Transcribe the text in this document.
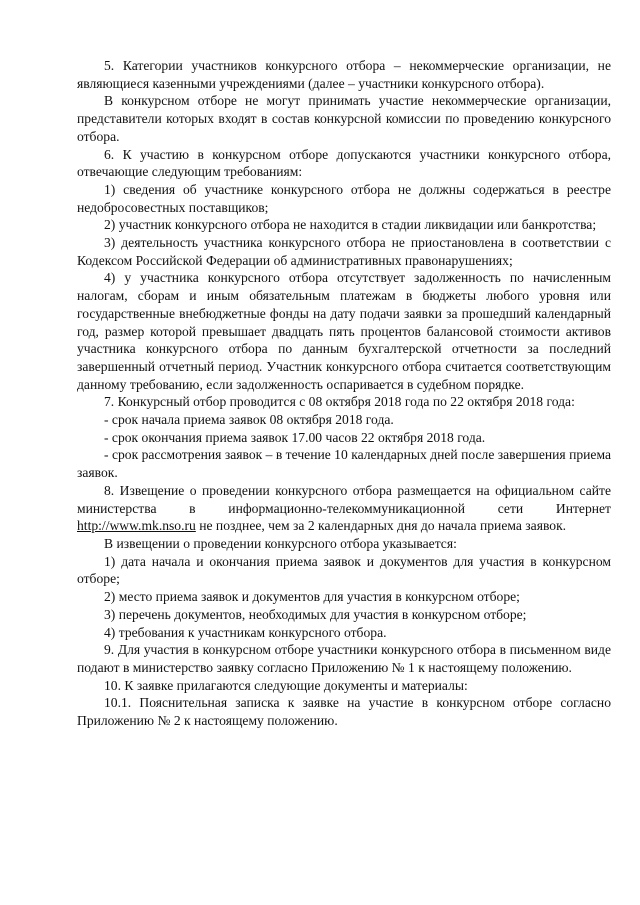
5. Категории участников конкурсного отбора – некоммерческие организации, не являющиеся казенными учреждениями (далее – участники конкурсного отбора).

В конкурсном отборе не могут принимать участие некоммерческие организации, представители которых входят в состав конкурсной комиссии по проведению конкурсного отбора.

6. К участию в конкурсном отборе допускаются участники конкурсного отбора, отвечающие следующим требованиям:

1) сведения об участнике конкурсного отбора не должны содержаться в реестре недобросовестных поставщиков;

2) участник конкурсного отбора не находится в стадии ликвидации или банкротства;

3) деятельность участника конкурсного отбора не приостановлена в соответствии с Кодексом Российской Федерации об административных правонарушениях;

4) у участника конкурсного отбора отсутствует задолженность по начисленным налогам, сборам и иным обязательным платежам в бюджеты любого уровня или государственные внебюджетные фонды на дату подачи заявки за прошедший календарный год, размер которой превышает двадцать пять процентов балансовой стоимости активов участника конкурсного отбора по данным бухгалтерской отчетности за последний завершенный отчетный период. Участник конкурсного отбора считается соответствующим данному требованию, если задолженность оспаривается в судебном порядке.

7. Конкурсный отбор проводится с 08 октября 2018 года по 22 октября 2018 года:

- срок начала приема заявок 08 октября 2018 года.

- срок окончания приема заявок 17.00 часов 22 октября 2018 года.

- срок рассмотрения заявок – в течение 10 календарных дней после завершения приема заявок.

8. Извещение о проведении конкурсного отбора размещается на официальном сайте министерства в информационно-телекоммуникационной сети Интернет http://www.mk.nso.ru не позднее, чем за 2 календарных дня до начала приема заявок.

В извещении о проведении конкурсного отбора указывается:

1) дата начала и окончания приема заявок и документов для участия в конкурсном отборе;

2) место приема заявок и документов для участия в конкурсном отборе;

3) перечень документов, необходимых для участия в конкурсном отборе;

4) требования к участникам конкурсного отбора.

9. Для участия в конкурсном отборе участники конкурсного отбора в письменном виде подают в министерство заявку согласно Приложению № 1 к настоящему положению.

10. К заявке прилагаются следующие документы и материалы:

10.1. Пояснительная записка к заявке на участие в конкурсном отборе согласно Приложению № 2 к настоящему положению.
